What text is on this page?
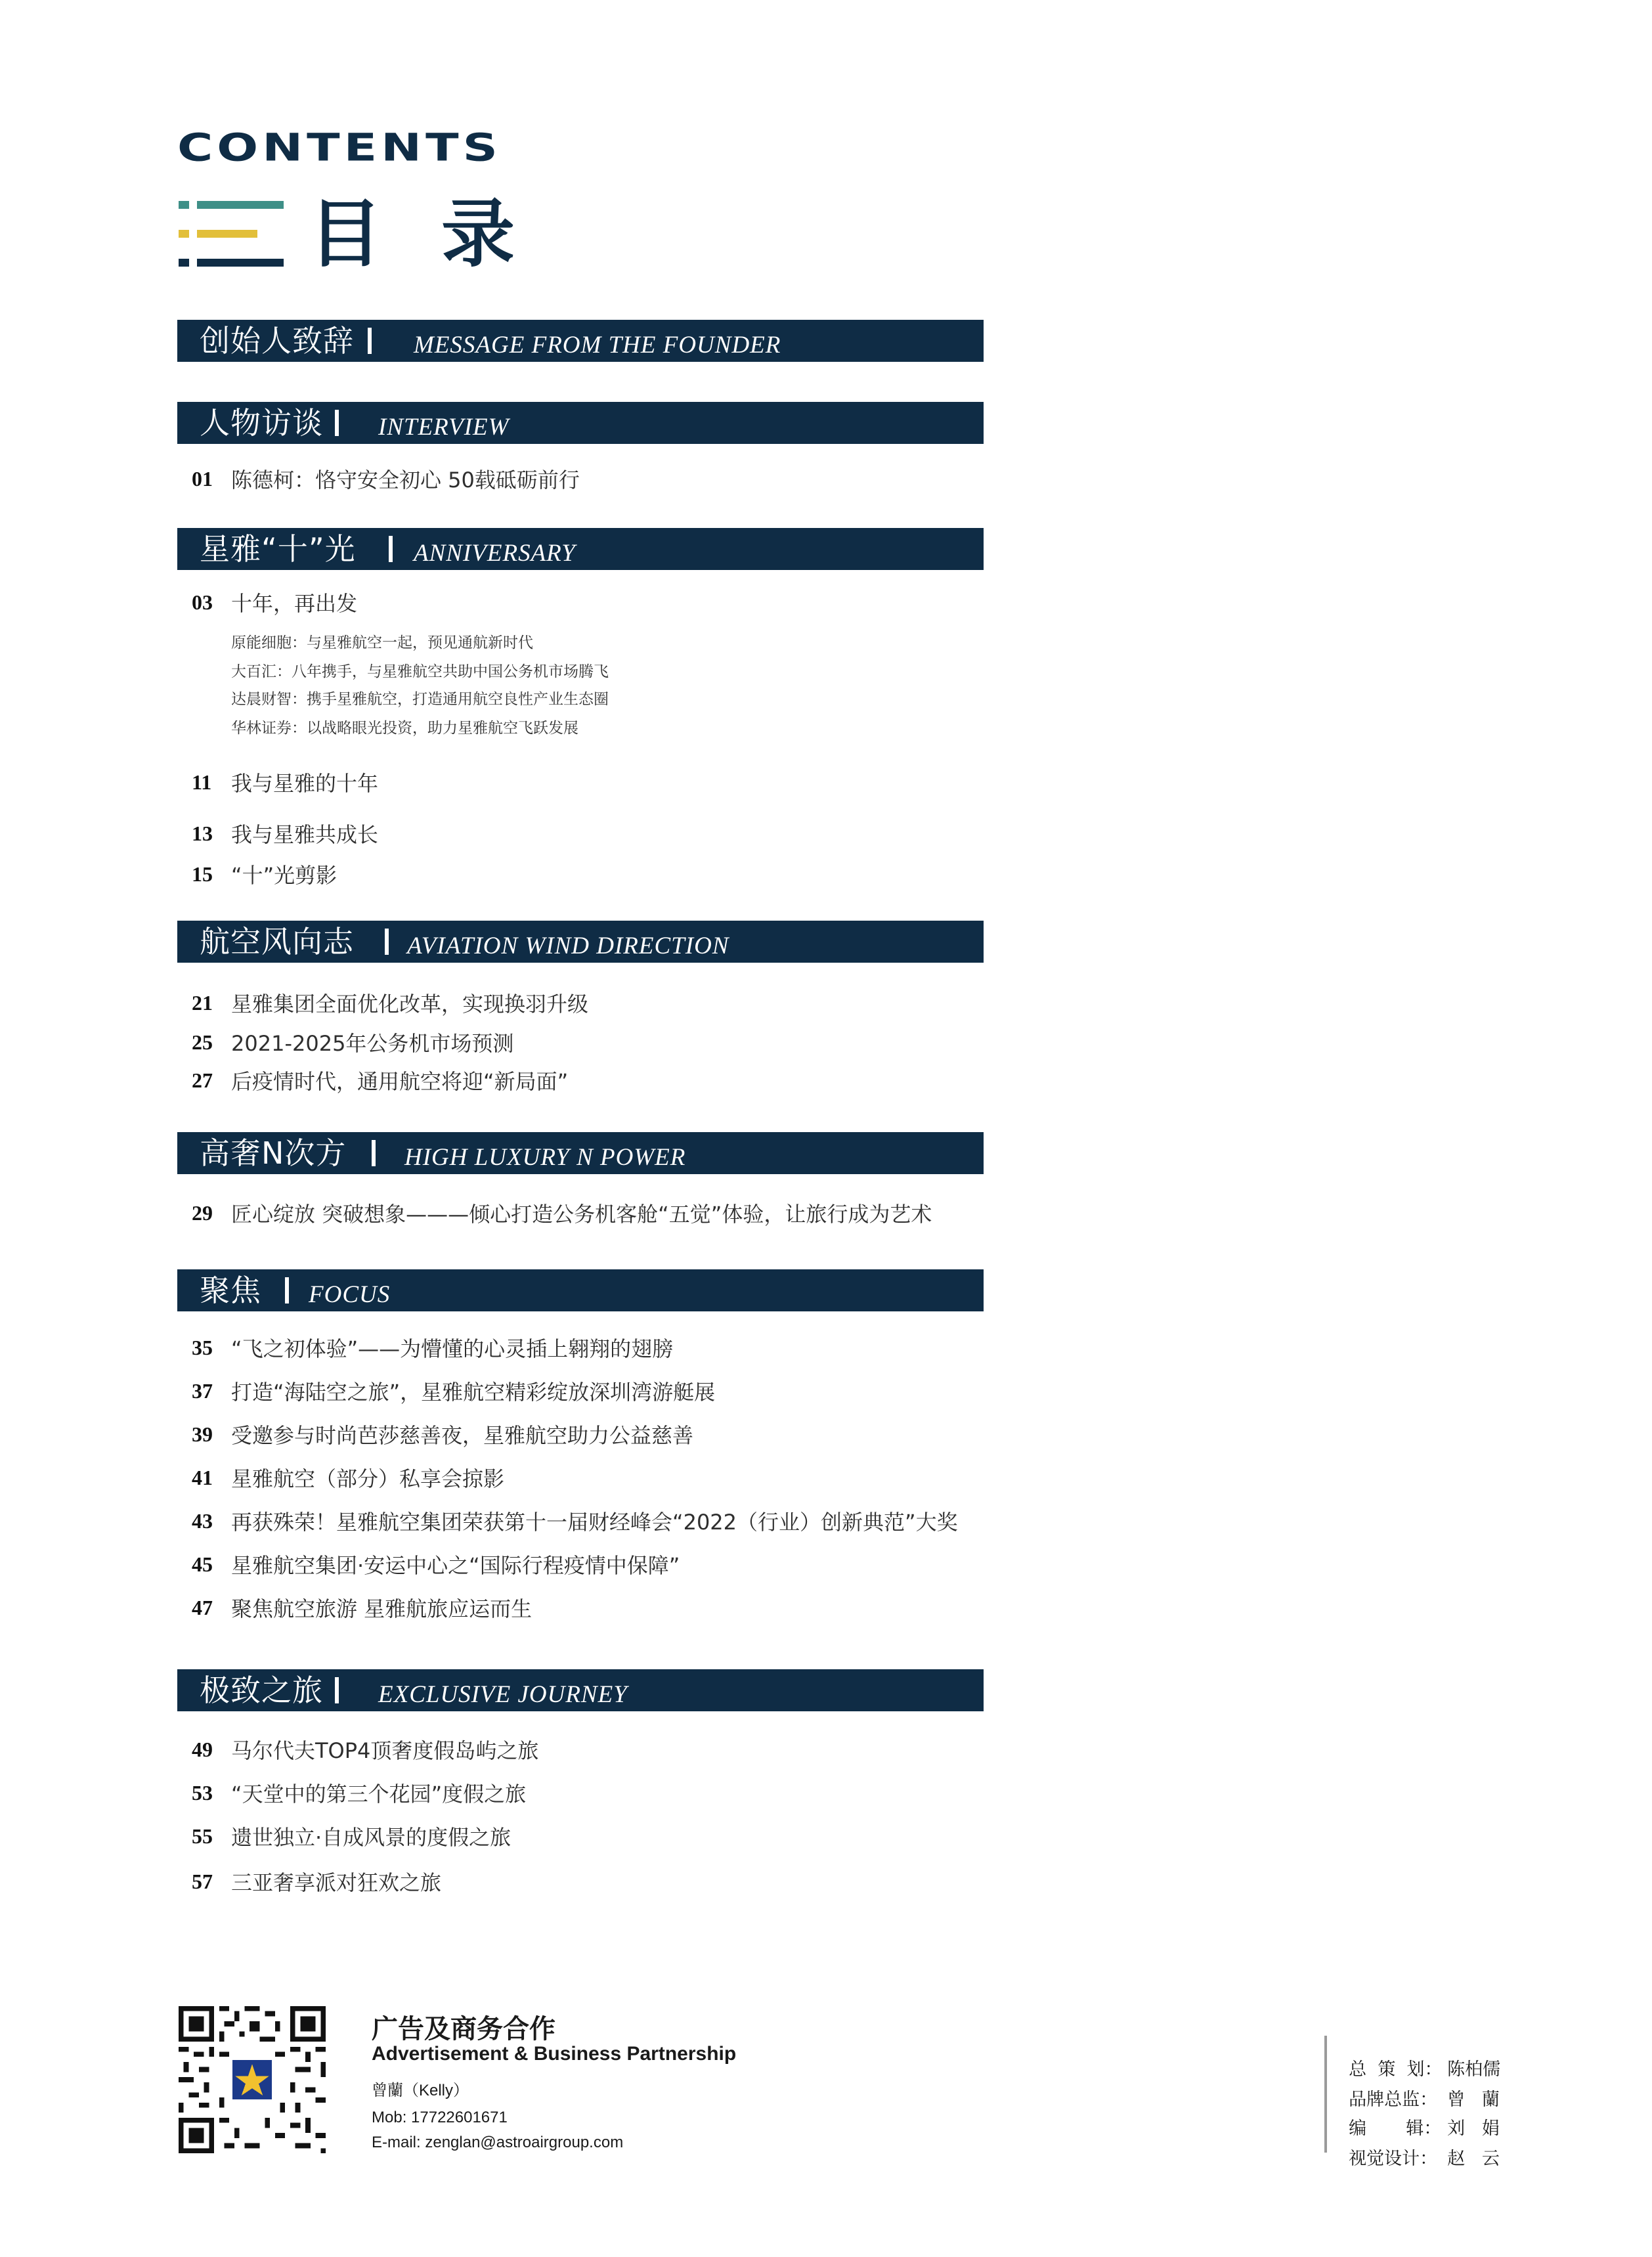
CONTENTS
目录
创始人致辞 MESSAGE FROM THE FOUNDER
人物访谈 INTERVIEW
01 陈德柯：恪守安全初心 50载砥砺前行
星雅“十”光 ANNIVERSARY
03 十年，再出发
原能细胞：与星雅航空一起，预见通航新时代
大百汇：八年携手，与星雅航空共助中国公务机市场腾飞
达晨财智：携手星雅航空，打造通用航空良性产业生态圈
华林证券：以战略眼光投资，助力星雅航空飞跃发展
11 我与星雅的十年
13 我与星雅共成长
15 “十”光剪影
航空风向志 AVIATION WIND DIRECTION
21 星雅集团全面优化改革，实现换羽升级
25 2021-2025年公务机市场预测
27 后疫情时代，通用航空将迎“新局面”
高奢N次方 HIGH LUXURY N POWER
29 匠心绽放 突破想象———倾心打造公务机客舱“五觉”体验，让旅行成为艺术
聚焦 FOCUS
35 “飞之初体验”——为懵懂的心灵插上翱翔的翅膀
37 打造“海陆空之旅”，星雅航空精彩绽放深圳湾游艇展
39 受邀参与时尚芭莎慈善夜，星雅航空助力公益慈善
41 星雅航空（部分）私享会掠影
43 再获殊荣！星雅航空集团荣获第十一届财经峰会“2022（行业）创新典范”大奖
45 星雅航空集团·安运中心之“国际行程疫情中保障”
47 聚焦航空旅游 星雅航旅应运而生
极致之旅 EXCLUSIVE JOURNEY
49 马尔代夫TOP4顶奢度假岛屿之旅
53 “天堂中的第三个花园”度假之旅
55 遗世独立·自成风景的度假之旅
57 三亚奢享派对狂欢之旅
广告及商务合作
Advertisement & Business Partnership
曾蘭（Kelly）
Mob: 17722601671
E-mail: zenglan@astroairgroup.com

总  策  划： 陈柏儒

品牌总监： 曾   蘭

编       辑： 刘   娟

视觉设计： 赵   云
